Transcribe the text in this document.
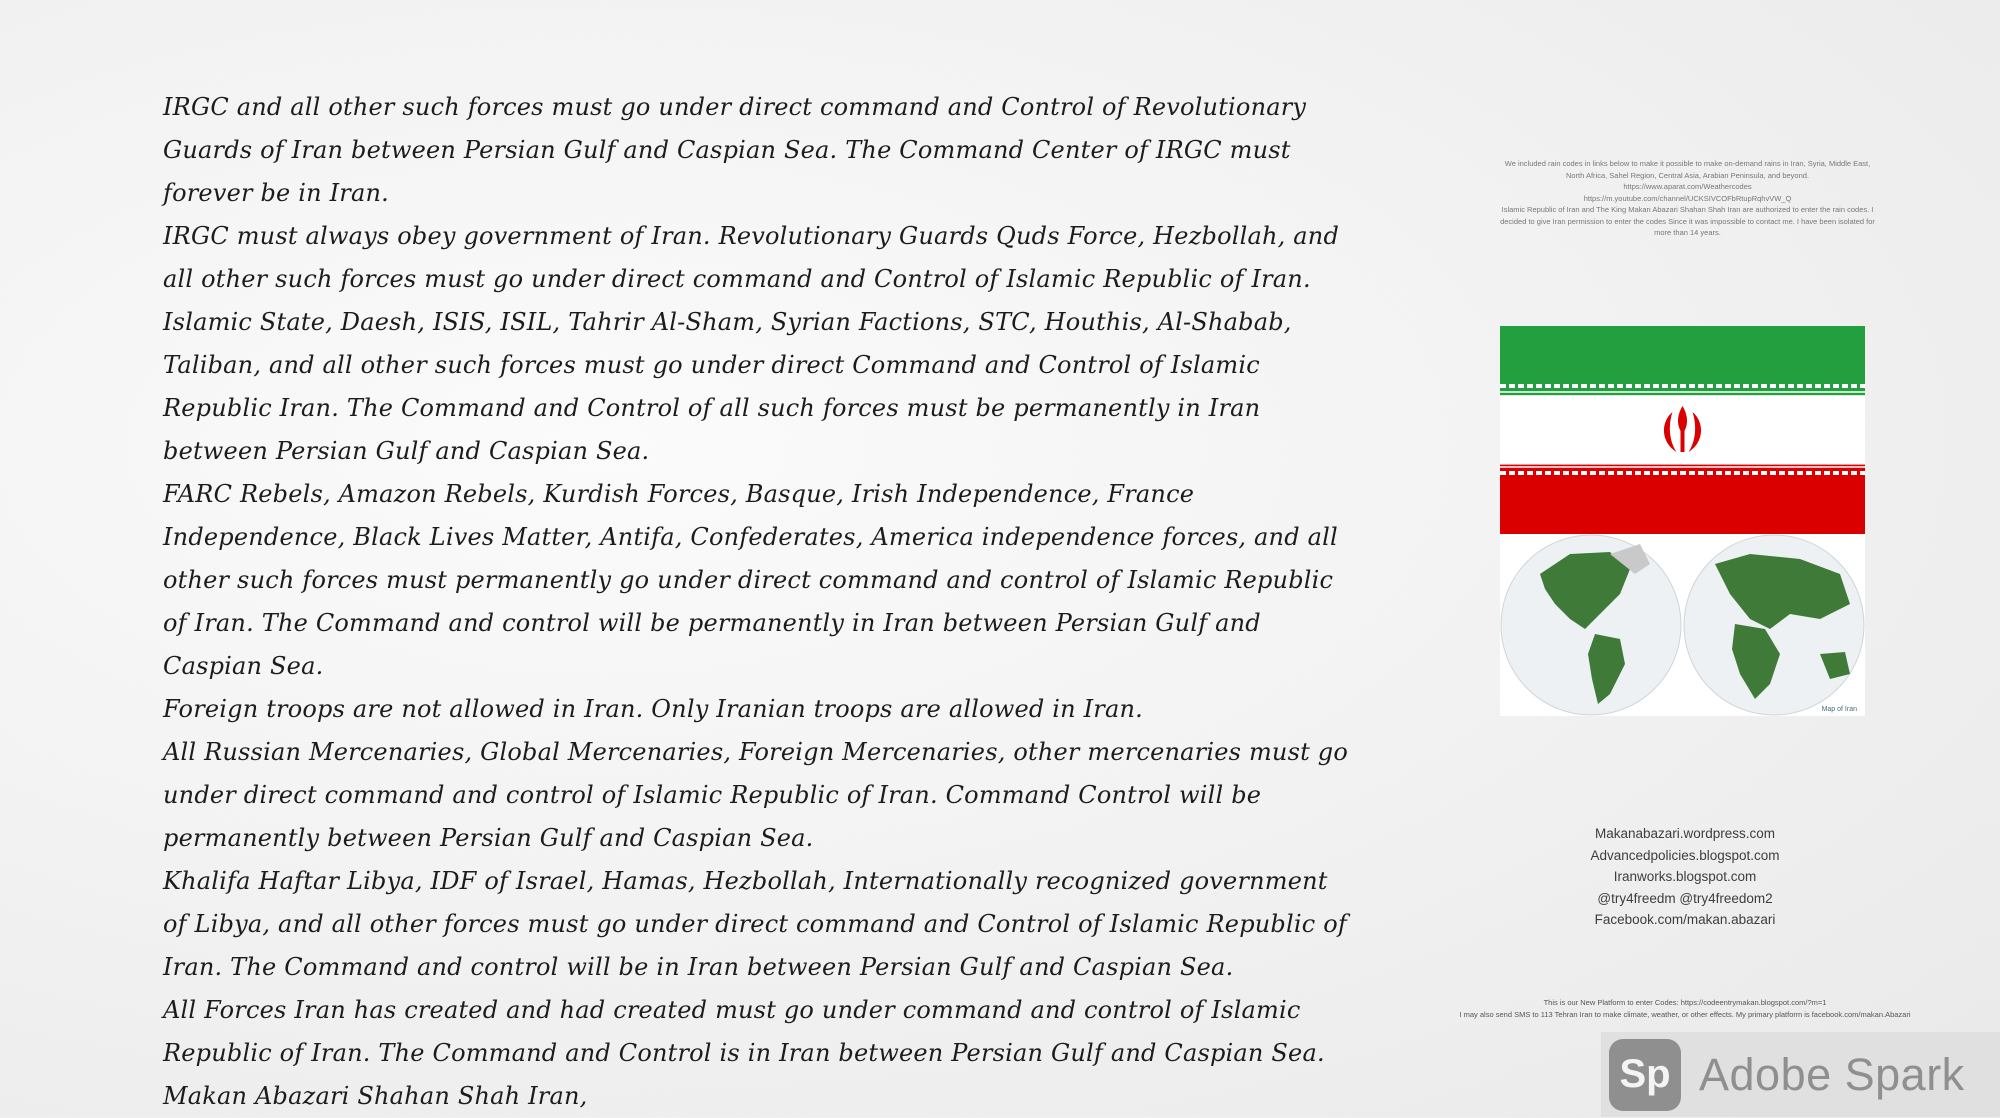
IRGC and all other such forces must go under direct command and Control of Revolutionary Guards of Iran between Persian Gulf and Caspian Sea. The Command Center of IRGC must forever be in Iran.

IRGC must always obey government of Iran. Revolutionary Guards Quds Force, Hezbollah, and all other such forces must go under direct command and Control of Islamic Republic of Iran.

Islamic State, Daesh, ISIS, ISIL, Tahrir Al-Sham, Syrian Factions, STC, Houthis, Al-Shabab, Taliban, and all other such forces must go under direct Command and Control of Islamic Republic Iran. The Command and Control of all such forces must be permanently in Iran between Persian Gulf and Caspian Sea.

FARC Rebels, Amazon Rebels, Kurdish Forces, Basque, Irish Independence, France Independence, Black Lives Matter, Antifa, Confederates, America independence forces, and all other such forces must permanently go under direct command and control of Islamic Republic of Iran. The Command and control will be permanently in Iran between Persian Gulf and Caspian Sea.

Foreign troops are not allowed in Iran. Only Iranian troops are allowed in Iran.

All Russian Mercenaries, Global Mercenaries, Foreign Mercenaries, other mercenaries must go under direct command and control of Islamic Republic of Iran. Command Control will be permanently between Persian Gulf and Caspian Sea.

Khalifa Haftar Libya, IDF of Israel, Hamas, Hezbollah, Internationally recognized government of Libya, and all other forces must go under direct command and Control of Islamic Republic of Iran. The Command and control will be in Iran between Persian Gulf and Caspian Sea.

All Forces Iran has created and had created must go under command and control of Islamic Republic of Iran. The Command and Control is in Iran between Persian Gulf and Caspian Sea.

Makan Abazari Shahan Shah Iran,

We included rain codes in links below to make it possible to make on-demand rains in Iran, Syria, Middle East, North Africa, Sahel Region, Central Asia, Arabian Peninsula, and beyond.

https://www.aparat.com/Weathercodes

https://m.youtube.com/channel/UCKSIVCOFbRtupRqhvVW_Q

Islamic Republic of Iran and The King Makan Abazari Shahan Shah Iran are authorized to enter the rain codes. I decided to give Iran permission to enter the codes Since it was impossible to contact me. I have been isolated for more than 14 years.

Map of Iran

Makanabazari.wordpress.com

Advancedpolicies.blogspot.com

Iranworks.blogspot.com

@try4freedm @try4freedom2

Facebook.com/makan.abazari

This is our New Platform to enter Codes: https://codeentrymakan.blogspot.com/?m=1

I may also send SMS to 113 Tehran Iran to make climate, weather, or other effects. My primary platform is facebook.com/makan.Abazari

Sp Adobe Spark
